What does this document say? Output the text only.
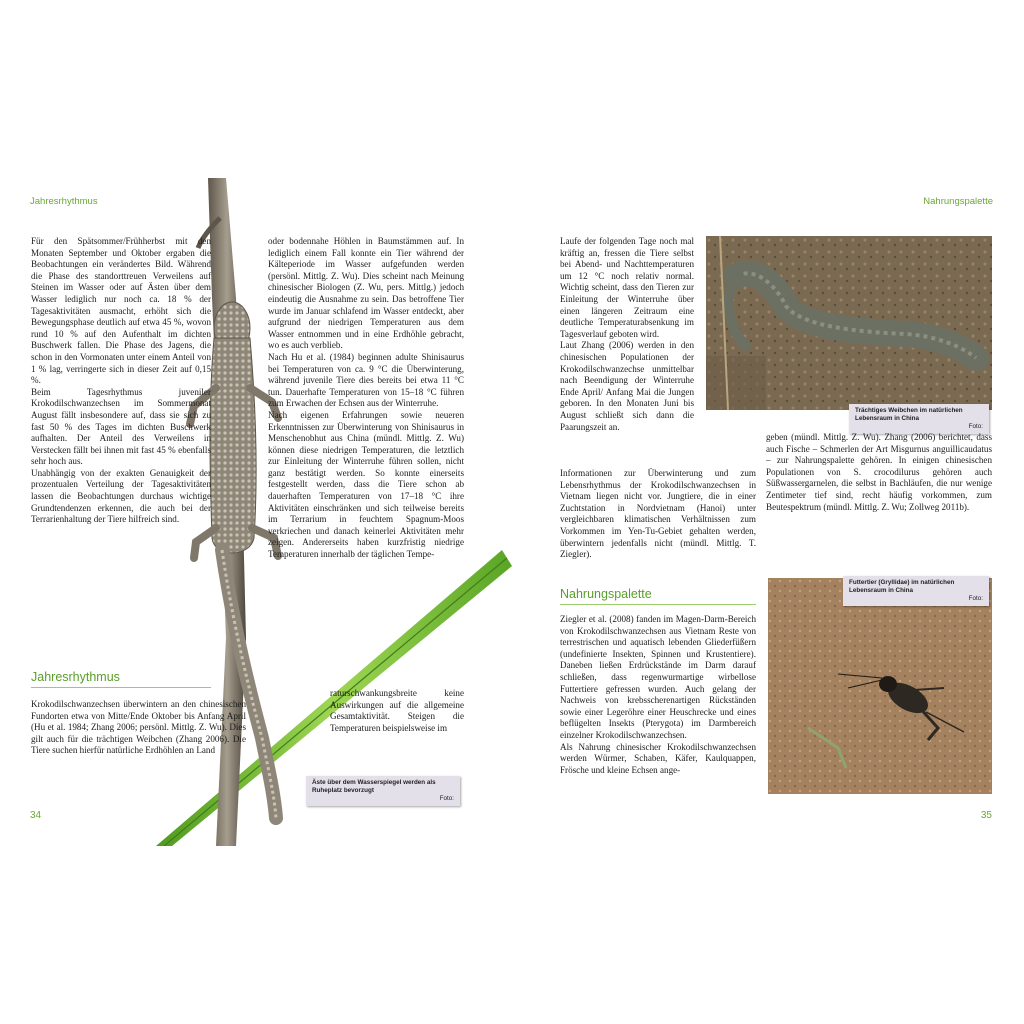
Jahresrhythmus

Für den Spätsommer/Frühherbst mit den Monaten September und Oktober ergaben die Beobachtungen ein verändertes Bild. Während die Phase des standorttreuen Verweilens auf Steinen im Wasser oder auf Ästen über dem Wasser lediglich nur noch ca. 18 % der Tagesaktivitäten ausmacht, erhöht sich die Bewegungsphase deutlich auf etwa 45 %, wovon rund 10 % auf den Aufenthalt im dichten Buschwerk fallen. Die Phase des Jagens, die schon in den Vormonaten unter einem Anteil von 1 % lag, verringerte sich in dieser Zeit auf 0,15 %.

Beim Tagesrhythmus juveniler Krokodilschwanzechsen im Sommermonat August fällt insbesondere auf, dass sie sich zu fast 50 % des Tages im dichten Buschwerk aufhalten. Der Anteil des Verweilens in Verstecken fällt bei ihnen mit fast 45 % ebenfalls sehr hoch aus.

Unabhängig von der exakten Genauigkeit der prozentualen Verteilung der Tagesaktivitäten lassen die Beobachtungen durchaus wichtige Grundtendenzen erkennen, die auch bei der Terrarienhaltung der Tiere hilfreich sind.

Jahresrhythmus
Krokodilschwanzechsen überwintern an den chinesischen Fundorten etwa von Mitte/Ende Oktober bis Anfang April (Hu et al. 1984; Zhang 2006; persönl. Mittlg. Z. Wu). Dies gilt auch für die trächtigen Weibchen (Zhang 2006). Die Tiere suchen hierfür natürliche Erdhöhlen an Land

oder bodennahe Höhlen in Baumstämmen auf. In lediglich einem Fall konnte ein Tier während der Kälteperiode im Wasser aufgefunden werden (persönl. Mittlg. Z. Wu). Dies scheint nach Meinung chinesischer Biologen (Z. Wu, pers. Mittlg.) jedoch eindeutig die Ausnahme zu sein. Das betroffene Tier wurde im Januar schlafend im Wasser entdeckt, aber aufgrund der niedrigen Temperaturen aus dem Wasser entnommen und in eine Erdhöhle gebracht, wo es auch verblieb.

Nach Hu et al. (1984) beginnen adulte Shinisaurus bei Temperaturen von ca. 9 °C die Überwinterung, während juvenile Tiere dies bereits bei etwa 11 °C tun. Dauerhafte Temperaturen von 15–18 °C führen zum Erwachen der Echsen aus der Winterruhe.

Nach eigenen Erfahrungen sowie neueren Erkenntnissen zur Überwinterung von Shinisaurus in Menschenobhut aus China (mündl. Mittlg. Z. Wu) können diese niedrigen Temperaturen, die letztlich zur Einleitung der Winterruhe führen sollen, nicht ganz bestätigt werden. So konnte einerseits festgestellt werden, dass die Tiere schon ab dauerhaften Temperaturen von 17–18 °C ihre Aktivitäten einschränken und sich teilweise bereits im Terrarium in feuchtem Spagnum-Moos verkriechen und danach keinerlei Aktivitäten mehr zeigen. Andererseits haben kurzfristig niedrige Temperaturen innerhalb der täglichen Tempe-

raturschwankungsbreite keine Auswirkungen auf die allgemeine Gesamtaktivität. Steigen die Temperaturen beispielsweise im
Äste über dem Wasserspiegel werden als Ruheplatz bevorzugt
Foto:
34
Nahrungspalette
Trächtiges Weibchen im natürlichen Lebensraum in China
Foto:

Laufe der folgenden Tage noch mal kräftig an, fressen die Tiere selbst bei Abend- und Nachttemperaturen um 12 °C noch relativ normal. Wichtig scheint, dass den Tieren zur Einleitung der Winterruhe über einen längeren Zeitraum eine deutliche Temperaturabsenkung im Tagesverlauf geboten wird.

Laut Zhang (2006) werden in den chinesischen Populationen der Krokodilschwanzechse unmittelbar nach Beendigung der Winterruhe Ende April/ Anfang Mai die Jungen geboren. In den Monaten Juni bis August schließt sich dann die Paarungszeit an.

Informationen zur Überwinterung und zum Lebensrhythmus der Krokodilschwanzechsen in Vietnam liegen nicht vor. Jungtiere, die in einer Zuchtstation in Nordvietnam (Hanoi) unter vergleichbaren klimatischen Verhältnissen zum Vorkommen im Yen-Tu-Gebiet gehalten werden, überwintern jedenfalls nicht (mündl. Mittlg. T. Ziegler).
Nahrungspalette

Ziegler et al. (2008) fanden im Magen-Darm-Bereich von Krokodilschwanzechsen aus Vietnam Reste von terrestrischen und aquatisch lebenden Gliederfüßern (undefinierte Insekten, Spinnen und Krustentiere). Daneben ließen Erdrückstände im Darm darauf schließen, dass regenwurmartige wirbellose Futtertiere gefressen wurden. Auch gelang der Nachweis von krebsscherenartigen Rückständen sowie einer Legeröhre einer Heuschrecke und eines beflügelten Insekts (Pterygota) im Darmbereich einzelner Krokodilschwanzechsen.

Als Nahrung chinesischer Krokodilschwanzechsen werden Würmer, Schaben, Käfer, Kaulquappen, Frösche und kleine Echsen ange-

geben (mündl. Mittlg. Z. Wu). Zhang (2006) berichtet, dass auch Fische – Schmerlen der Art Misgurnus anguillicaudatus – zur Nahrungspalette gehören. In einigen chinesischen Populationen von S. crocodilurus gehören auch Süßwassergarnelen, die selbst in Bachläufen, die nur wenige Zentimeter tief sind, recht häufig vorkommen, zum Beutespektrum (mündl. Mittlg. Z. Wu; Zollweg 2011b).
Futtertier (Gryllidae) im natürlichen Lebensraum in China
Foto:
35
